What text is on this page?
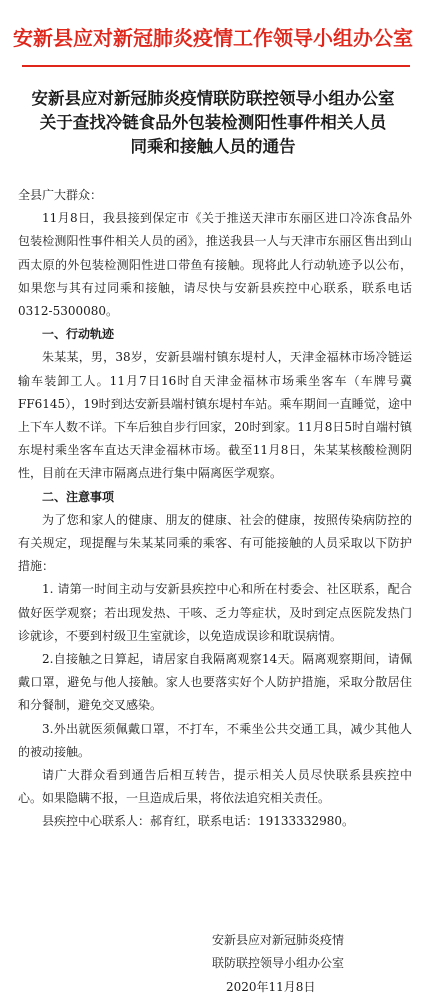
安新县应对新冠肺炎疫情工作领导小组办公室
安新县应对新冠肺炎疫情联防联控领导小组办公室
关于查找冷链食品外包装检测阳性事件相关人员
同乘和接触人员的通告

全县广大群众：

11月8日，我县接到保定市《关于推送天津市东丽区进口冷冻食品外包装检测阳性事件相关人员的函》，推送我县一人与天津市东丽区售出到山西太原的外包装检测阳性进口带鱼有接触。现将此人行动轨迹予以公布，如果您与其有过同乘和接触，请尽快与安新县疾控中心联系，联系电话 0312-5300080。

一、行动轨迹

朱某某，男，38岁，安新县端村镇东堤村人，天津金福林市场冷链运输车装卸工人。11月7日16时自天津金福林市场乘坐客车（车牌号冀 FF6145），19时到达安新县端村镇东堤村车站。乘车期间一直睡觉，途中上下车人数不详。下车后独自步行回家，20时到家。11月8日5时自端村镇东堤村乘坐客车直达天津金福林市场。截至11月8日，朱某某核酸检测阴性，目前在天津市隔离点进行集中隔离医学观察。

二、注意事项

为了您和家人的健康、朋友的健康、社会的健康，按照传染病防控的有关规定，现提醒与朱某某同乘的乘客、有可能接触的人员采取以下防护措施：

1. 请第一时间主动与安新县疾控中心和所在村委会、社区联系，配合做好医学观察；若出现发热、干咳、乏力等症状，及时到定点医院发热门诊就诊，不要到村级卫生室就诊，以免造成误诊和耽误病情。

2.自接触之日算起，请居家自我隔离观察14天。隔离观察期间，请佩戴口罩，避免与他人接触。家人也要落实好个人防护措施，采取分散居住和分餐制，避免交叉感染。

3.外出就医须佩戴口罩，不打车，不乘坐公共交通工具，减少其他人的被动接触。

请广大群众看到通告后相互转告，提示相关人员尽快联系县疾控中心。如果隐瞒不报，一旦造成后果，将依法追究相关责任。

县疾控中心联系人：郝育红，联系电话：19133332980。

安新县应对新冠肺炎疫情
联防联控领导小组办公室
2020年11月8日
